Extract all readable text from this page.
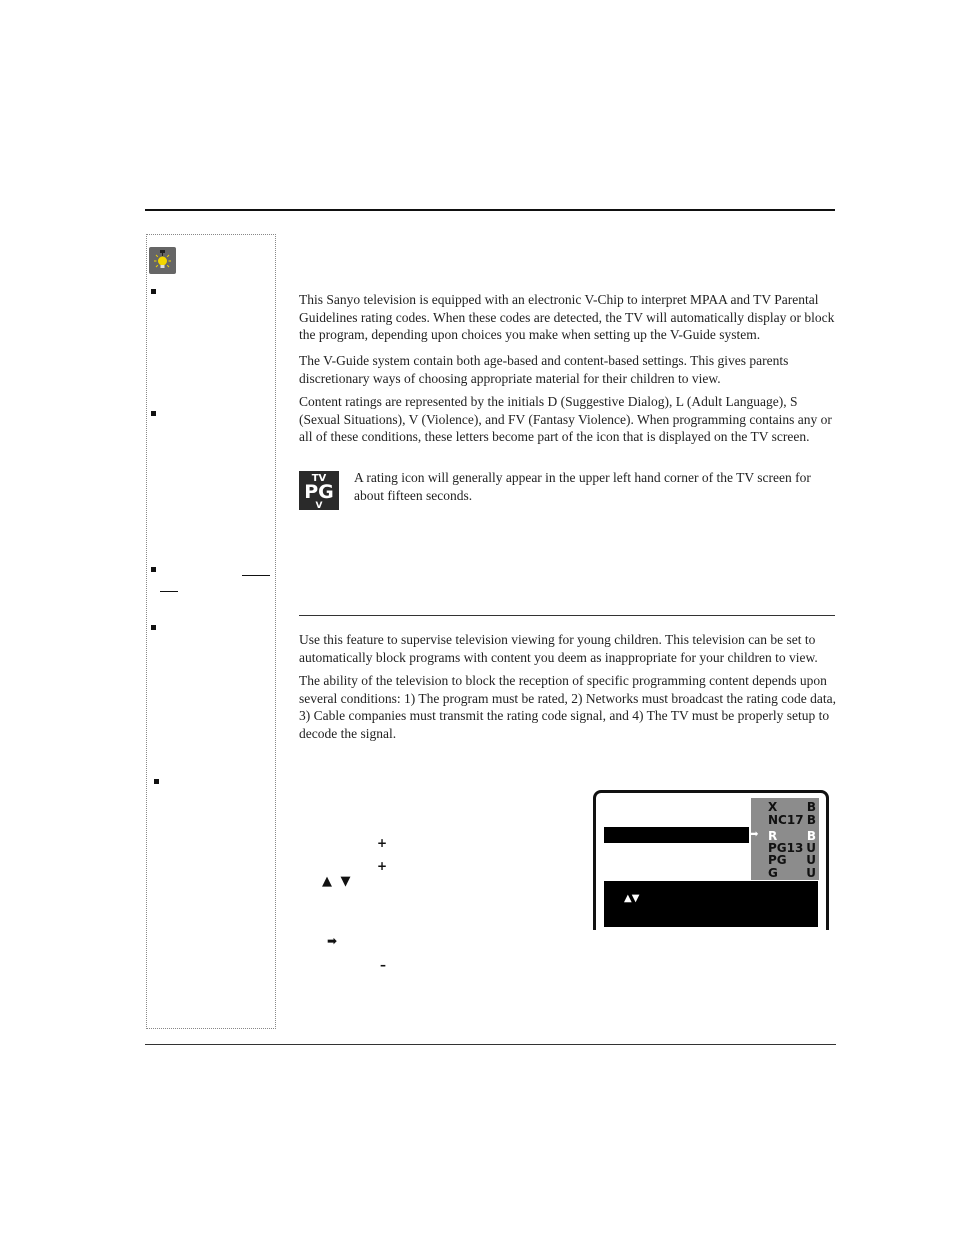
This Sanyo television is equipped with an electronic V-Chip to interpret MPAA and TV Parental Guidelines rating codes. When these codes are detected, the TV will automatically display or block the program, depending upon choices you make when setting up the V-Guide system.

The V-Guide system contain both age-based and content-based settings. This gives parents discretionary ways of choosing appropriate material for their children to view.

Content ratings are represented by the initials D (Suggestive Dialog), L (Adult Language), S (Sexual Situations), V (Violence), and FV (Fantasy Violence). When programming contains any or all of these conditions, these letters become part of the icon that is displayed on the TV screen.

TV
PG
V

A rating icon will generally appear in the upper left hand corner of the TV screen for about fifteen seconds.

Use this feature to supervise television viewing for young children. This television can be set to automatically block programs with content you deem as inappropriate for your children to view.

The ability of the television to block the reception of specific programming content depends upon several conditions: 1) The program must be rated, 2) Networks must broadcast the rating code data, 3) Cable companies must transmit the rating code signal, and 4) The TV must be properly setup to decode the signal.

+
+
▲ ▼
➡
–
X B
NC17 B
R B
PG13 U
PG U
G U
➡
▲▼
